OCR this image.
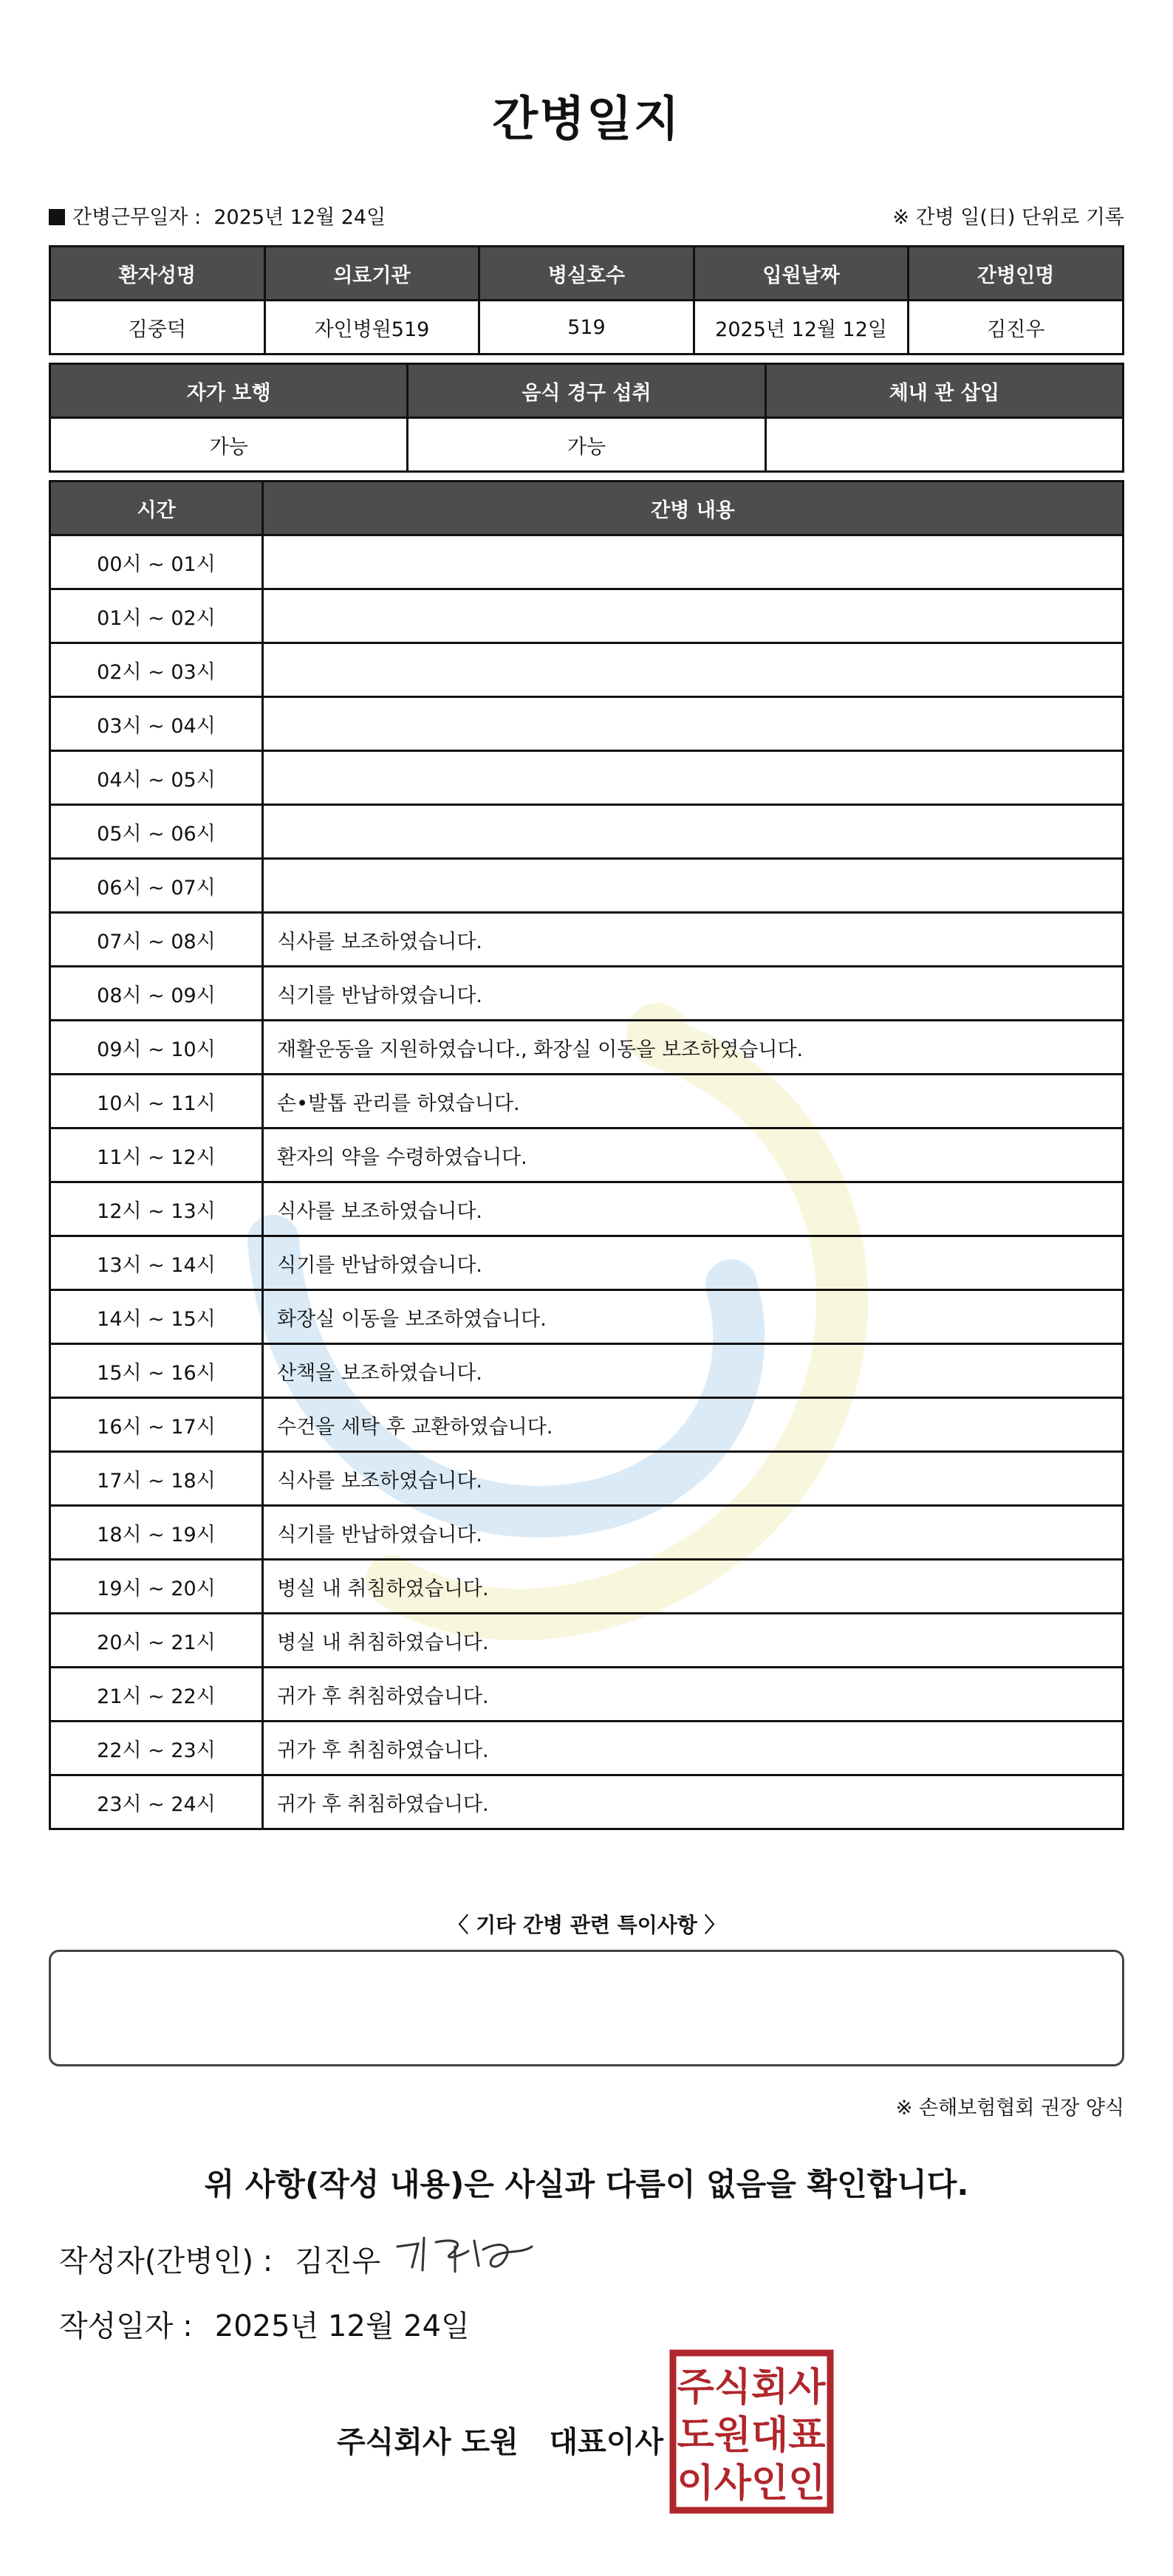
간병일지
간병근무일자 : 2025년 12월 24일	※ 간병 일(日) 단위로 기록
환자성명	의료기관	병실호수	입원날짜	간병인명
김중덕	자인병원519	519	2025년 12월 12일	김진우
자가 보행	음식 경구 섭취	체내 관 삽입
가능	가능	
시간	간병 내용
00시 ~ 01시	
01시 ~ 02시	
02시 ~ 03시	
03시 ~ 04시	
04시 ~ 05시	
05시 ~ 06시	
06시 ~ 07시	
07시 ~ 08시	식사를 보조하였습니다.
08시 ~ 09시	식기를 반납하였습니다.
09시 ~ 10시	재활운동을 지원하였습니다., 화장실 이동을 보조하였습니다.
10시 ~ 11시	손•발톱 관리를 하였습니다.
11시 ~ 12시	환자의 약을 수령하였습니다.
12시 ~ 13시	식사를 보조하였습니다.
13시 ~ 14시	식기를 반납하였습니다.
14시 ~ 15시	화장실 이동을 보조하였습니다.
15시 ~ 16시	산책을 보조하였습니다.
16시 ~ 17시	수건을 세탁 후 교환하였습니다.
17시 ~ 18시	식사를 보조하였습니다.
18시 ~ 19시	식기를 반납하였습니다.
19시 ~ 20시	병실 내 취침하였습니다.
20시 ~ 21시	병실 내 취침하였습니다.
21시 ~ 22시	귀가 후 취침하였습니다.
22시 ~ 23시	귀가 후 취침하였습니다.
23시 ~ 24시	귀가 후 취침하였습니다.
〈 기타 간병 관련 특이사항 〉
※ 손해보험협회 권장 양식
위 사항(작성 내용)은 사실과 다름이 없음을 확인합니다.
작성자(간병인) : 김진우
작성일자 : 2025년 12월 24일
주식회사 도원   대표이사
주식회사
도원대표
이사인인
